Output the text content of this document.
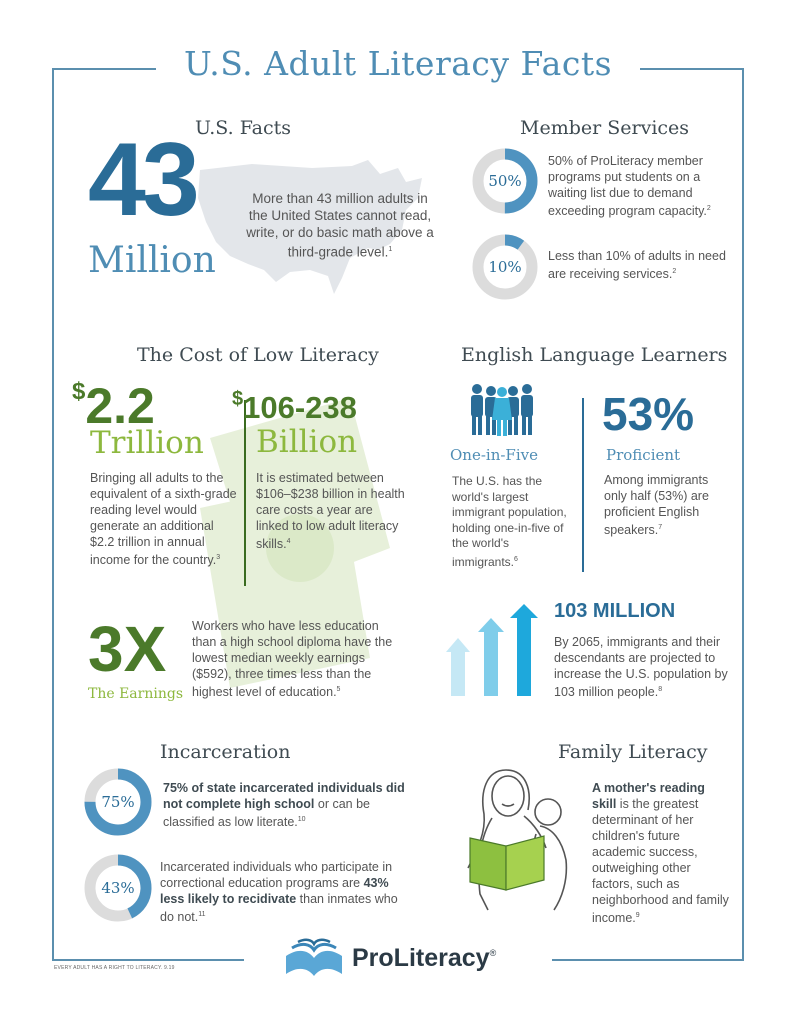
U.S. Adult Literacy Facts
U.S. Facts
43
Million
More than 43 million adults in the United States cannot read, write, or do basic math above a third-grade level.$^1$
Member Services
50%
50% of ProLiteracy member programs put students on a waiting list due to demand exceeding program capacity.$^2$
10%
Less than 10% of adults in need are receiving services.$^2$
The Cost of Low Literacy
$2.2
Trillion
Bringing all adults to the equivalent of a sixth-grade reading level would generate an additional $2.2 trillion in annual income for the country.$^3$
$106-238
Billion
It is estimated between $106–$238 billion in health care costs a year are linked to low adult literacy skills.$^4$
3X
The Earnings
Workers who have less education than a high school diploma have the lowest median weekly earnings ($592), three times less than the highest level of education.$^5$
English Language Learners
One-in-Five
The U.S. has the world's largest immigrant population, holding one-in-five of the world's immigrants.$^6$
53%
Proficient
Among immigrants only half (53%) are proficient English speakers.$^7$
103 MILLION
By 2065, immigrants and their descendants are projected to increase the U.S. population by 103 million people.$^8$
Incarceration
75%
75% of state incarcerated individuals did not complete high school or can be classified as low literate.$^{10}$
43%
Incarcerated individuals who participate in correctional education programs are 43% less likely to recidivate than inmates who do not.$^{11}$
Family Literacy
A mother's reading skill is the greatest determinant of her children's future academic success, outweighing other factors, such as neighborhood and family income.$^9$
EVERY ADULT HAS A RIGHT TO LITERACY. 9.19	ProLiteracy ®
